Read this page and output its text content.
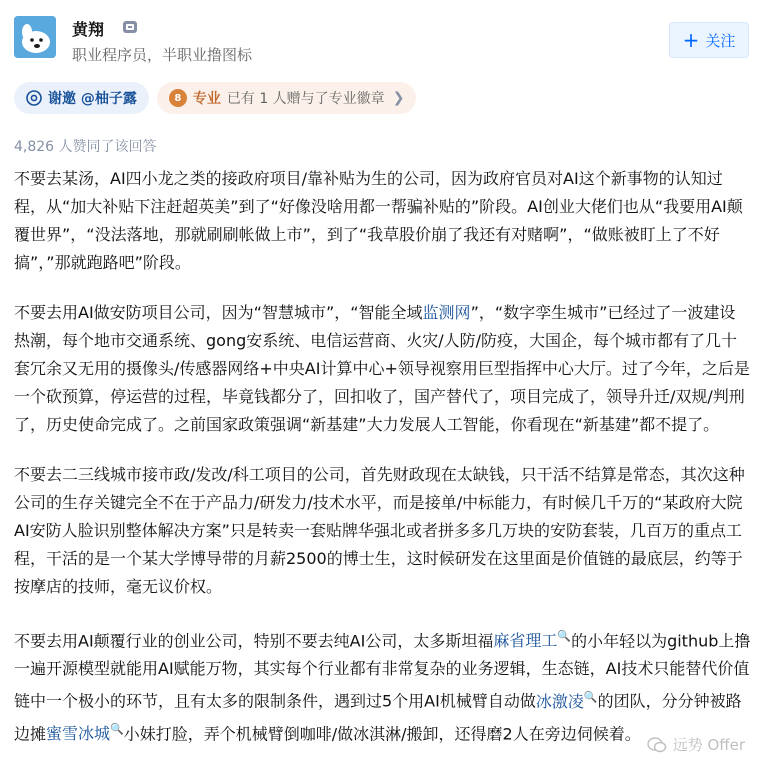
黄翔
职业程序员，半职业撸图标
+ 关注
谢邀 @柚子露	8 专业 已有 1 人赠与了专业徽章 ❯
4,826 人赞同了该回答

不要去某汤，AI四小龙之类的接政府项目/靠补贴为生的公司，因为政府官员对AI这个新事物的认知过程，从“加大补贴下注赶超英美”到了“好像没啥用都一帮骗补贴的”阶段。AI创业大佬们也从“我要用AI颠覆世界”，“没法落地，那就刷刷帐做上市”，到了“我草股价崩了我还有对赌啊”，“做账被盯上了不好搞”，”那就跑路吧”阶段。

不要去用AI做安防项目公司，因为“智慧城市”，“智能全域监测网”，“数字孪生城市”已经过了一波建设热潮，每个地市交通系统、gong安系统、电信运营商、火灾/人防/防疫，大国企，每个城市都有了几十套冗余又无用的摄像头/传感器网络+中央AI计算中心+领导视察用巨型指挥中心大厅。过了今年，之后是一个砍预算，停运营的过程，毕竟钱都分了，回扣收了，国产替代了，项目完成了，领导升迁/双规/判刑了，历史使命完成了。之前国家政策强调“新基建”大力发展人工智能，你看现在“新基建”都不提了。

不要去二三线城市接市政/发改/科工项目的公司，首先财政现在太缺钱，只干活不结算是常态，其次这种公司的生存关键完全不在于产品力/研发力/技术水平，而是接单/中标能力，有时候几千万的“某政府大院AI安防人脸识别整体解决方案”只是转卖一套贴牌华强北或者拼多多几万块的安防套装，几百万的重点工程，干活的是一个某大学博导带的月薪2500的博士生，这时候研发在这里面是价值链的最底层，约等于按摩店的技师，毫无议价权。

不要去用AI颠覆行业的创业公司，特别不要去纯AI公司，太多斯坦福麻省理工🔍的小年轻以为github上撸一遍开源模型就能用AI赋能万物，其实每个行业都有非常复杂的业务逻辑，生态链，AI技术只能替代价值链中一个极小的环节，且有太多的限制条件，遇到过5个用AI机械臂自动做冰激凌🔍的团队，分分钟被路边摊蜜雪冰城🔍小妹打脸，弄个机械臂倒咖啡/做冰淇淋/搬卸，还得磨2人在旁边伺候着。

远势 Offer
